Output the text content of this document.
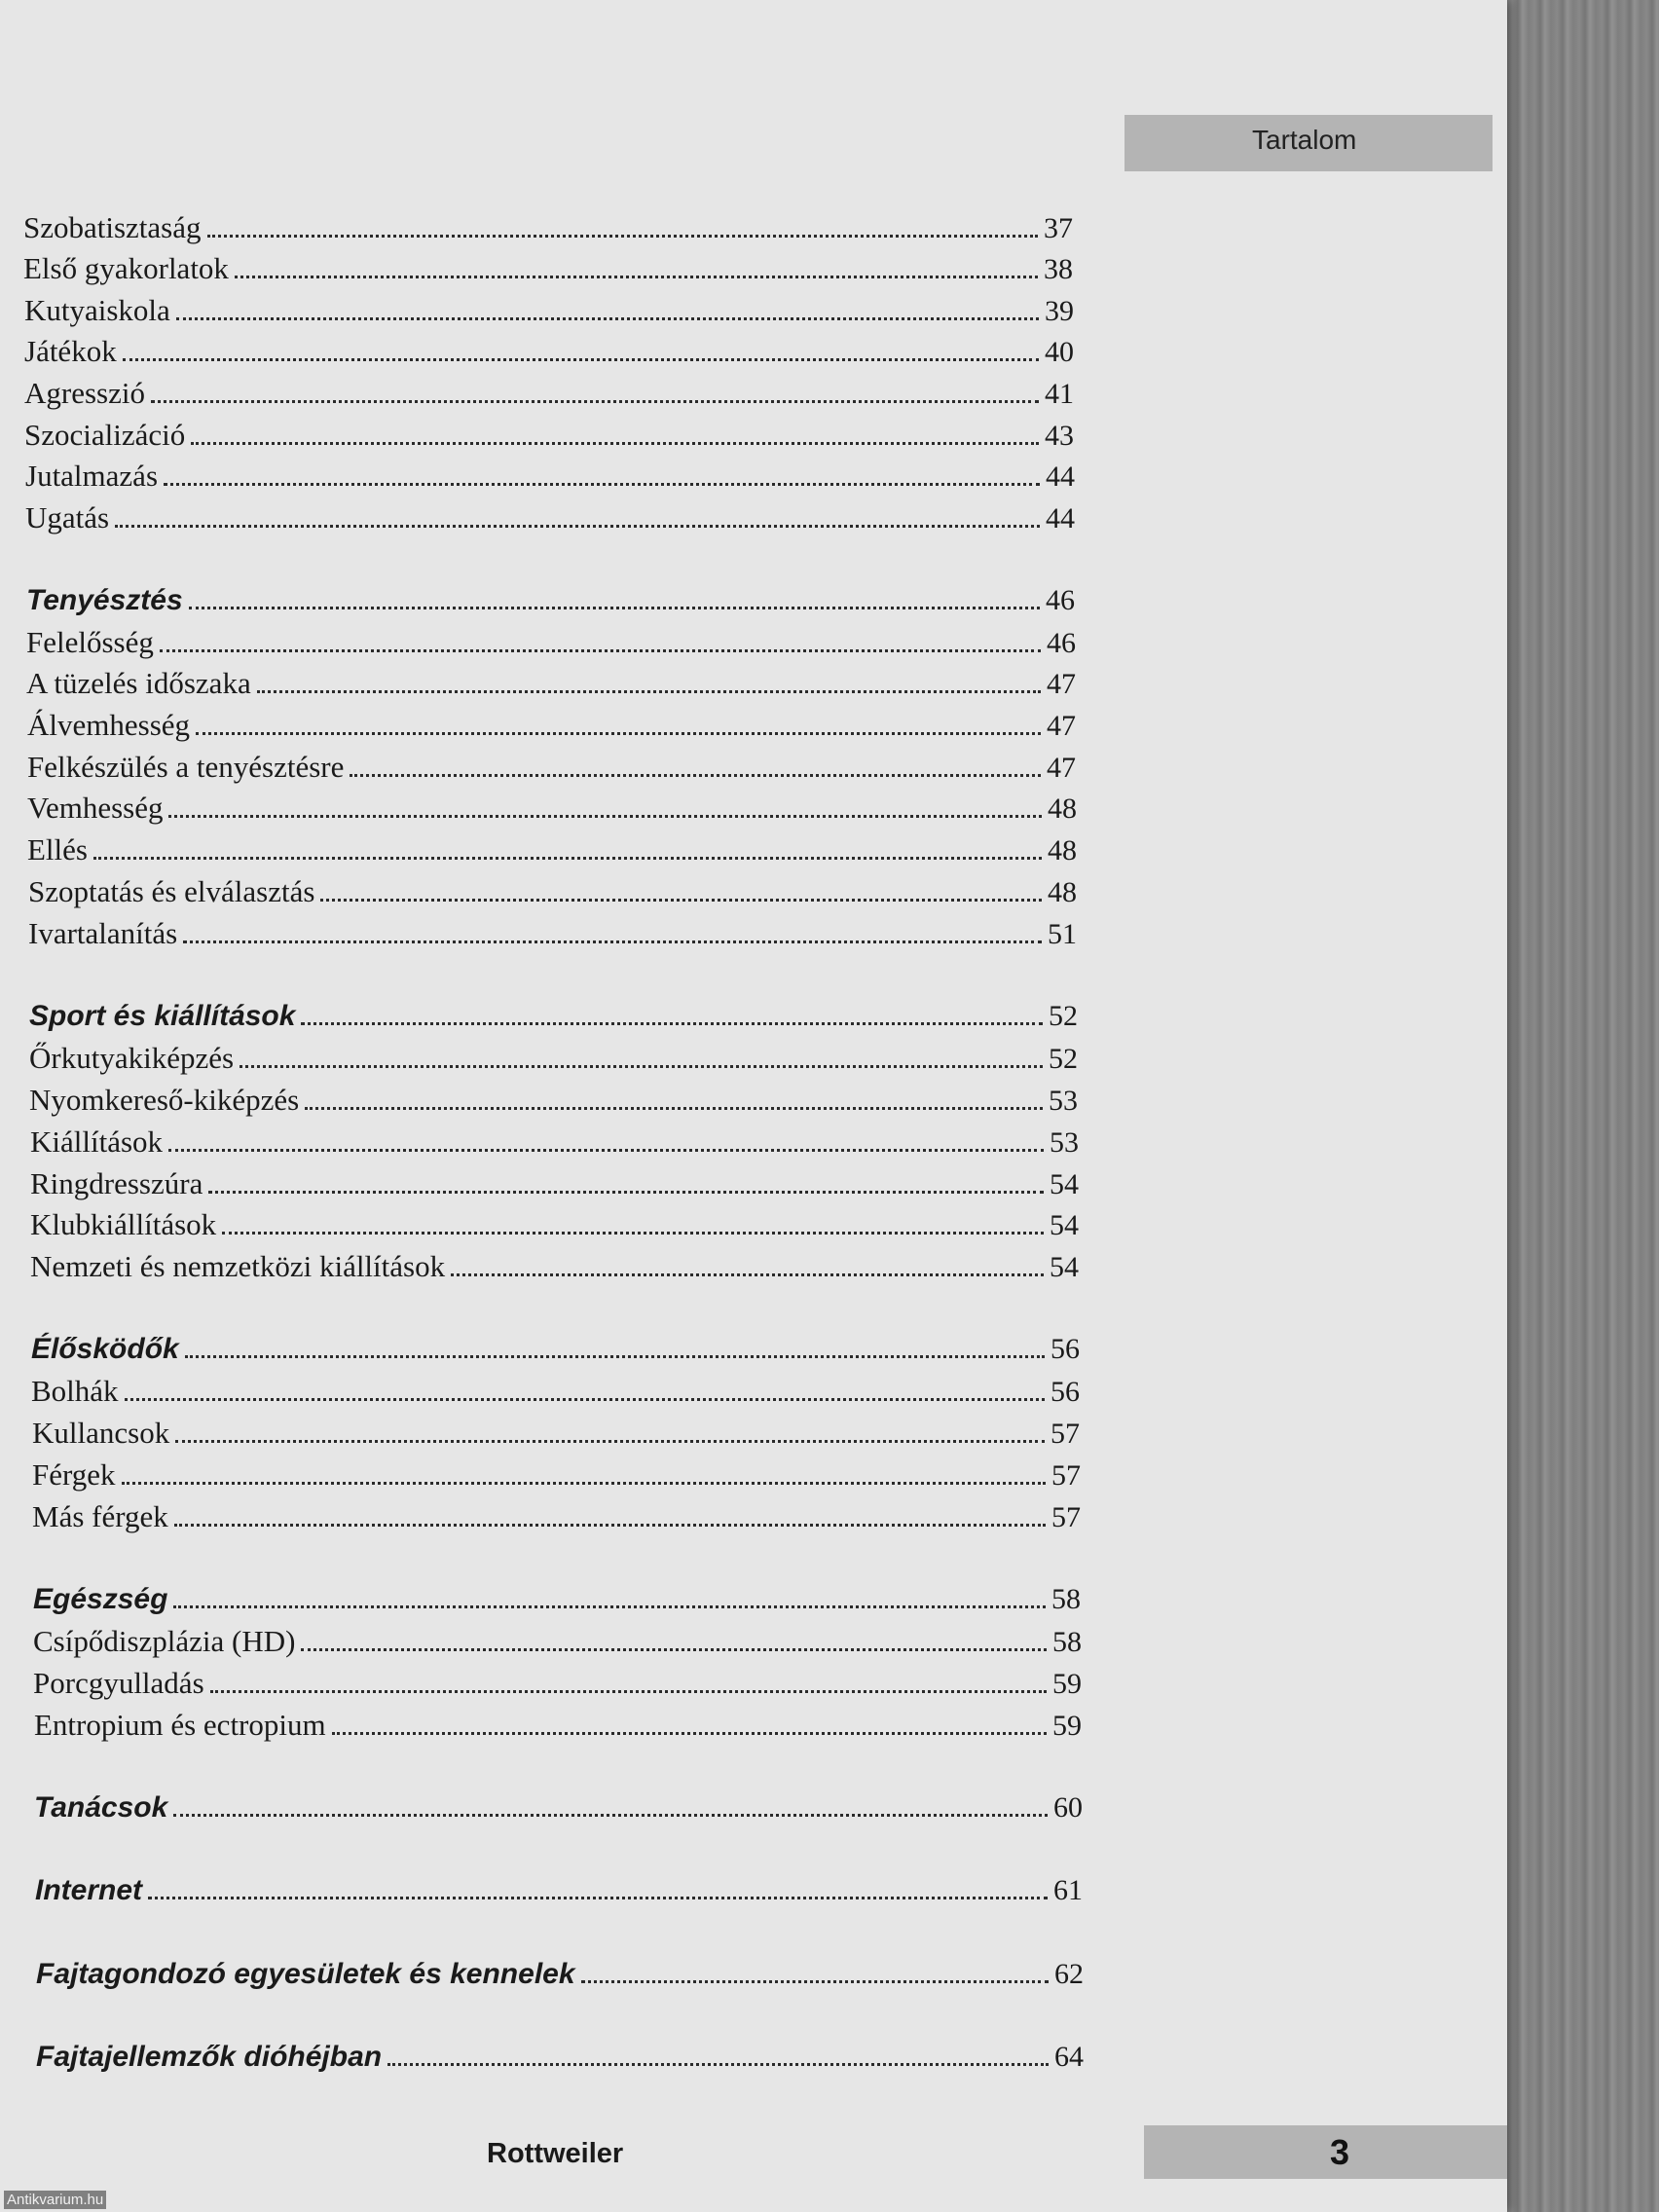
Tartalom
Szobatisztaság	37
Első gyakorlatok	38
Kutyaiskola	39
Játékok	40
Agresszió	41
Szocializáció	43
Jutalmazás	44
Ugatás	44
Tenyésztés	46
Felelősség	46
A tüzelés időszaka	47
Álvemhesség	47
Felkészülés a tenyésztésre	47
Vemhesség	48
Ellés	48
Szoptatás és elválasztás	48
Ivartalanítás	51
Sport és kiállítások	52
Őrkutyakiképzés	52
Nyomkereső-kiképzés	53
Kiállítások	53
Ringdresszúra	54
Klubkiállítások	54
Nemzeti és nemzetközi kiállítások	54
Élősködők	56
Bolhák	56
Kullancsok	57
Férgek	57
Más férgek	57
Egészség	58
Csípődiszplázia (HD)	58
Porcgyulladás	59
Entropium és ectropium	59
Tanácsok	60
Internet	61
Fajtagondozó egyesületek és kennelek	62
Fajtajellemzők dióhéjban	64
Rottweiler	3
Antikvarium.hu
